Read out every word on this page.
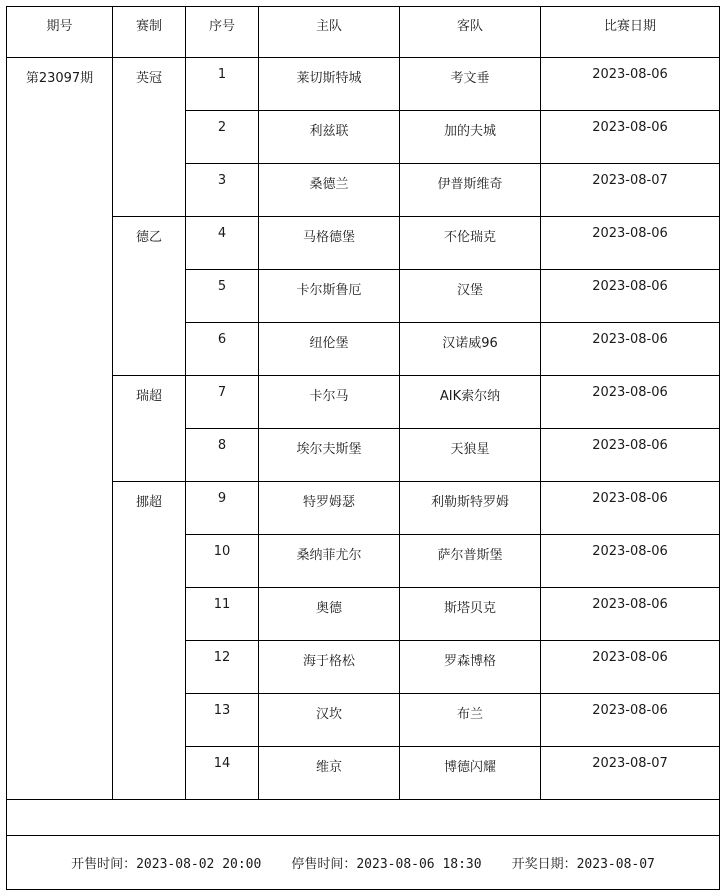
期号	赛制	序号	主队	客队	比赛日期
第23097期	英冠	1	莱切斯特城	考文垂	2023-08-06
		2	利兹联	加的夫城	2023-08-06
		3	桑德兰	伊普斯维奇	2023-08-07
	德乙	4	马格德堡	不伦瑞克	2023-08-06
		5	卡尔斯鲁厄	汉堡	2023-08-06
		6	纽伦堡	汉诺威96	2023-08-06
	瑞超	7	卡尔马	AIK索尔纳	2023-08-06
		8	埃尔夫斯堡	天狼星	2023-08-06
	挪超	9	特罗姆瑟	利勒斯特罗姆	2023-08-06
		10	桑纳菲尤尔	萨尔普斯堡	2023-08-06
		11	奥德	斯塔贝克	2023-08-06
		12	海于格松	罗森博格	2023-08-06
		13	汉坎	布兰	2023-08-06
		14	维京	博德闪耀	2023-08-07

开售时间：2023-08-02 20:00 停售时间：2023-08-06 18:30 开奖日期：2023-08-07					
